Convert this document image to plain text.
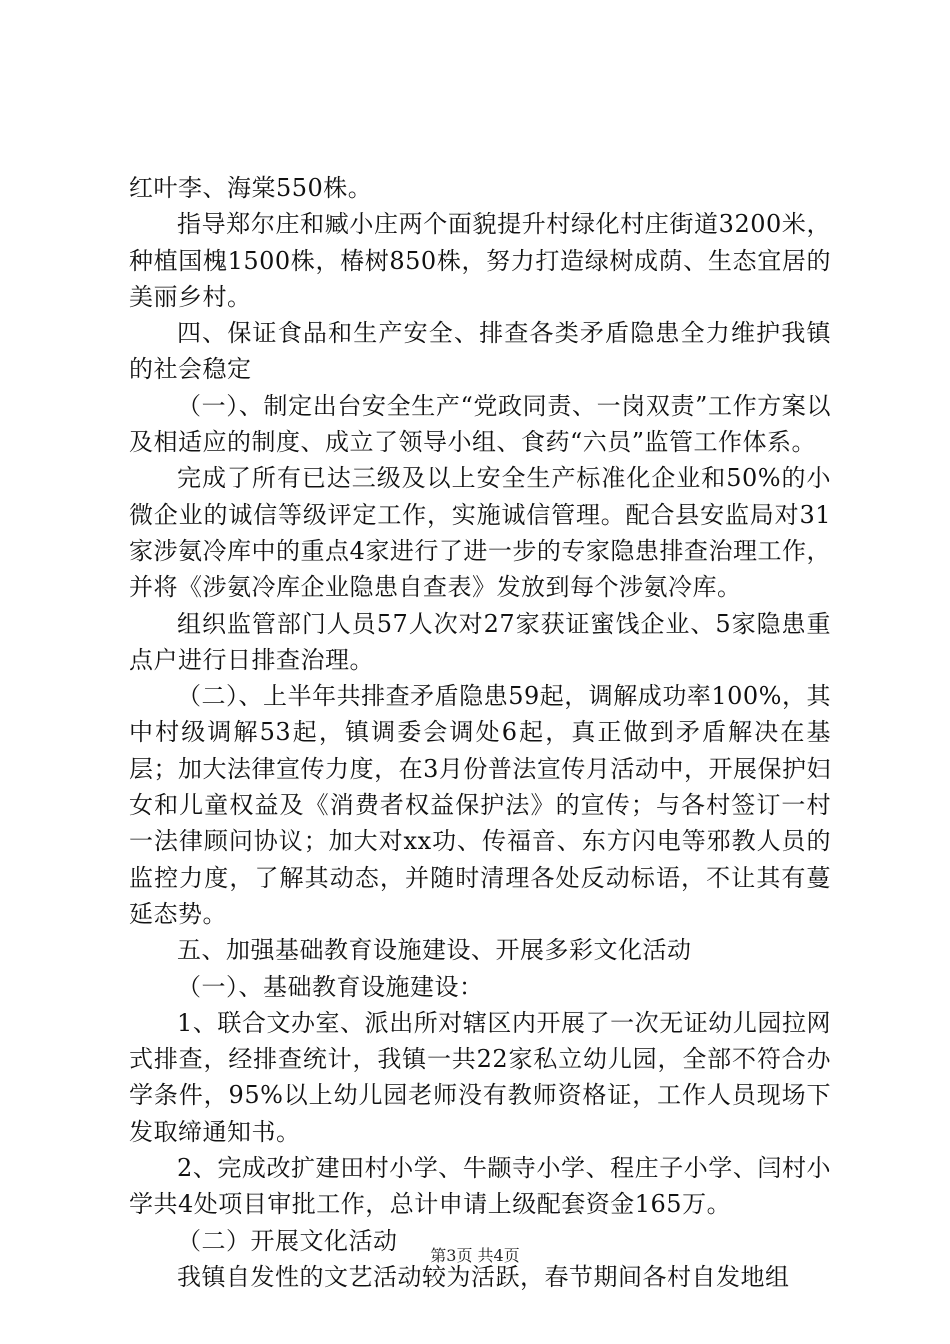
红叶李、海棠550株。

指导郑尔庄和臧小庄两个面貌提升村绿化村庄街道3200米，种植国槐1500株，椿树850株，努力打造绿树成荫、生态宜居的美丽乡村。

四、保证食品和生产安全、排查各类矛盾隐患全力维护我镇的社会稳定

（一）、制定出台安全生产“党政同责、一岗双责”工作方案以及相适应的制度、成立了领导小组、食药“六员”监管工作体系。

完成了所有已达三级及以上安全生产标准化企业和50%的小微企业的诚信等级评定工作，实施诚信管理。配合县安监局对31家涉氨冷库中的重点4家进行了进一步的专家隐患排查治理工作，并将《涉氨冷库企业隐患自查表》发放到每个涉氨冷库。

组织监管部门人员57人次对27家获证蜜饯企业、5家隐患重点户进行日排查治理。

（二）、上半年共排查矛盾隐患59起，调解成功率100%，其中村级调解53起，镇调委会调处6起，真正做到矛盾解决在基层；加大法律宣传力度，在3月份普法宣传月活动中，开展保护妇女和儿童权益及《消费者权益保护法》的宣传；与各村签订一村一法律顾问协议；加大对xx功、传福音、东方闪电等邪教人员的监控力度，了解其动态，并随时清理各处反动标语，不让其有蔓延态势。

五、加强基础教育设施建设、开展多彩文化活动

（一）、基础教育设施建设：

1、联合文办室、派出所对辖区内开展了一次无证幼儿园拉网式排查，经排查统计，我镇一共22家私立幼儿园，全部不符合办学条件，95%以上幼儿园老师没有教师资格证，工作人员现场下发取缔通知书。

2、完成改扩建田村小学、牛颛寺小学、程庄子小学、闫村小学共4处项目审批工作，总计申请上级配套资金165万。

（二）开展文化活动

我镇自发性的文艺活动较为活跃，春节期间各村自发地组

第3页 共4页
